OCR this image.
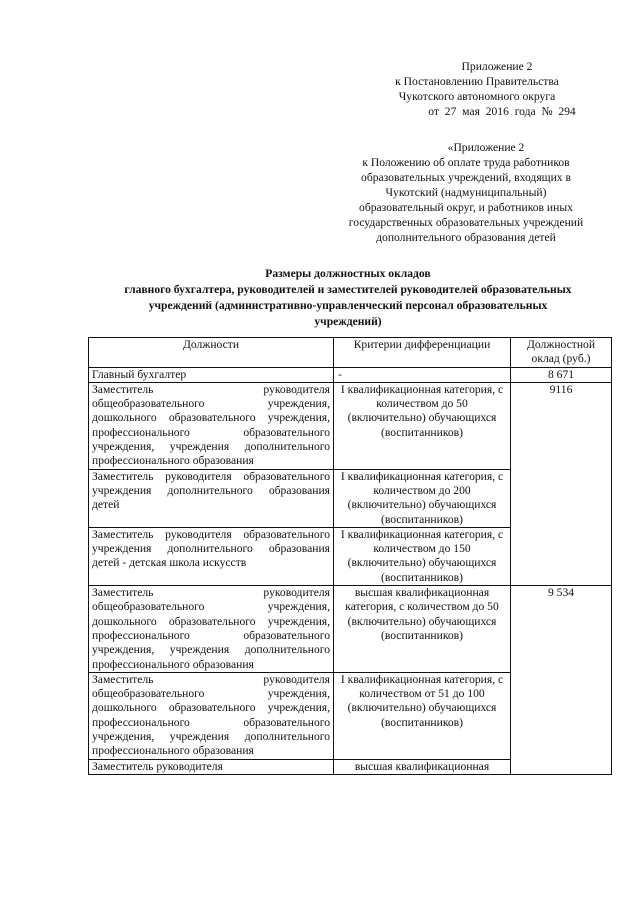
Приложение 2
к Постановлению Правительства
Чукотского автономного округа
от  27  мая  2016  года  №  294
«Приложение 2
к Положению об оплате труда работников
образовательных учреждений, входящих в
Чукотский (надмуниципальный)
образовательный округ, и работников иных
государственных образовательных учреждений
дополнительного образования детей
Размеры должностных окладов
главного бухгалтера, руководителей и заместителей руководителей образовательных
учреждений (административно-управленческий персонал образовательных
учреждений)
Должности	Критерии дифференциации	Должностной оклад (руб.)
Главный бухгалтер	-	8 671
Заместитель руководителя общеобразовательного учреждения, дошкольного образовательного учреждения, профессионального образовательного учреждения, учреждения дополнительного профессионального образования	I квалификационная категория, с количеством до 50 (включительно) обучающихся (воспитанников)	9116
Заместитель руководителя образовательного учреждения дополнительного образования детей	I квалификационная категория, с количеством до 200 (включительно) обучающихся (воспитанников)	
Заместитель руководителя образовательного учреждения дополнительного образования детей - детская школа искусств	I квалификационная категория, с количеством до 150 (включительно) обучающихся (воспитанников)	
Заместитель руководителя общеобразовательного учреждения, дошкольного образовательного учреждения, профессионального образовательного учреждения, учреждения дополнительного профессионального образования	высшая квалификационная категория, с количеством до 50 (включительно) обучающихся (воспитанников)	9 534
Заместитель руководителя общеобразовательного учреждения, дошкольного образовательного учреждения, профессионального образовательного учреждения, учреждения дополнительного профессионального образования	I квалификационная категория, с количеством от 51 до 100 (включительно) обучающихся (воспитанников)	
Заместитель руководителя	высшая квалификационная	
